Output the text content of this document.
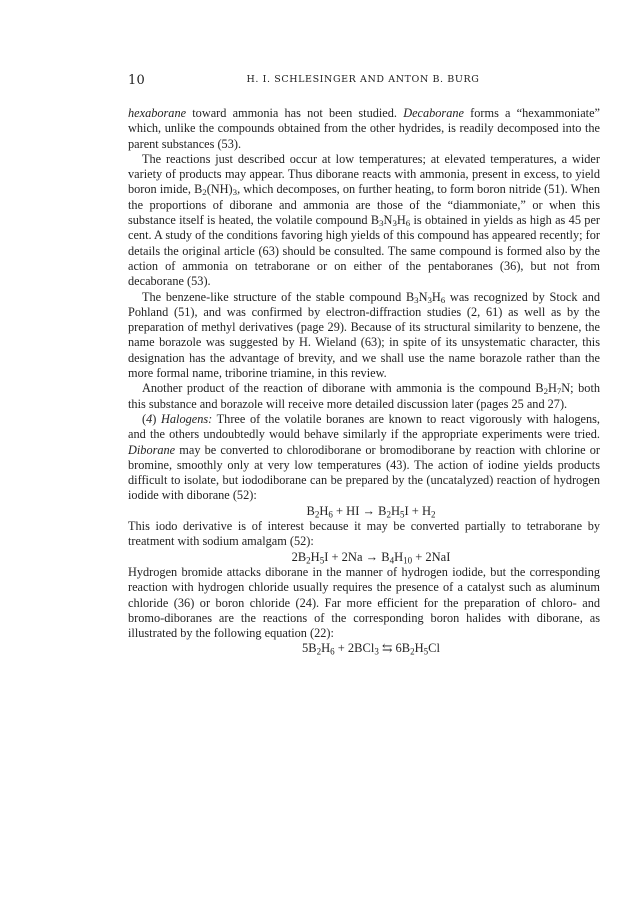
10	H. I. SCHLESINGER AND ANTON B. BURG

hexaborane toward ammonia has not been studied. Decaborane forms a “hexammoniate” which, unlike the compounds obtained from the other hydrides, is readily decomposed into the parent substances (53).

The reactions just described occur at low temperatures; at elevated temperatures, a wider variety of products may appear. Thus diborane reacts with ammonia, present in excess, to yield boron imide, $B_2(NH)_3$, which decomposes, on further heating, to form boron nitride (51). When the proportions of diborane and ammonia are those of the “diammoniate,” or when this substance itself is heated, the volatile compound $B_3N_3H_6$ is obtained in yields as high as 45 per cent. A study of the conditions favoring high yields of this compound has appeared recently; for details the original article (63) should be consulted. The same compound is formed also by the action of ammonia on tetraborane or on either of the pentaboranes (36), but not from decaborane (53).

The benzene-like structure of the stable compound $B_3N_3H_6$ was recognized by Stock and Pohland (51), and was confirmed by electron-diffraction studies (2, 61) as well as by the preparation of methyl derivatives (page 29). Because of its structural similarity to benzene, the name borazole was suggested by H. Wieland (63); in spite of its unsystematic character, this designation has the advantage of brevity, and we shall use the name borazole rather than the more formal name, triborine triamine, in this review.

Another product of the reaction of diborane with ammonia is the compound $B_2H_7N$; both this substance and borazole will receive more detailed discussion later (pages 25 and 27).

(4) Halogens: Three of the volatile boranes are known to react vigorously with halogens, and the others undoubtedly would behave similarly if the appropriate experiments were tried. Diborane may be converted to chlorodiborane or bromodiborane by reaction with chlorine or bromine, smoothly only at very low temperatures (43). The action of iodine yields products difficult to isolate, but iododiborane can be prepared by the (uncatalyzed) reaction of hydrogen iodide with diborane (52):

$B_2H_6$ + HI → $B_2H_5I + H_2$

This iodo derivative is of interest because it may be converted partially to tetraborane by treatment with sodium amalgam (52):

$2B_2H_5I + 2Na \to B_4H_{10} + 2NaI$

Hydrogen bromide attacks diborane in the manner of hydrogen iodide, but the corresponding reaction with hydrogen chloride usually requires the presence of a catalyst such as aluminum chloride (36) or boron chloride (24). Far more efficient for the preparation of chloro- and bromo-diboranes are the reactions of the corresponding boron halides with diborane, as illustrated by the following equation (22):

$5B_2H_6 + 2BCl_3$ ⇆ $6B_2H_5Cl$
